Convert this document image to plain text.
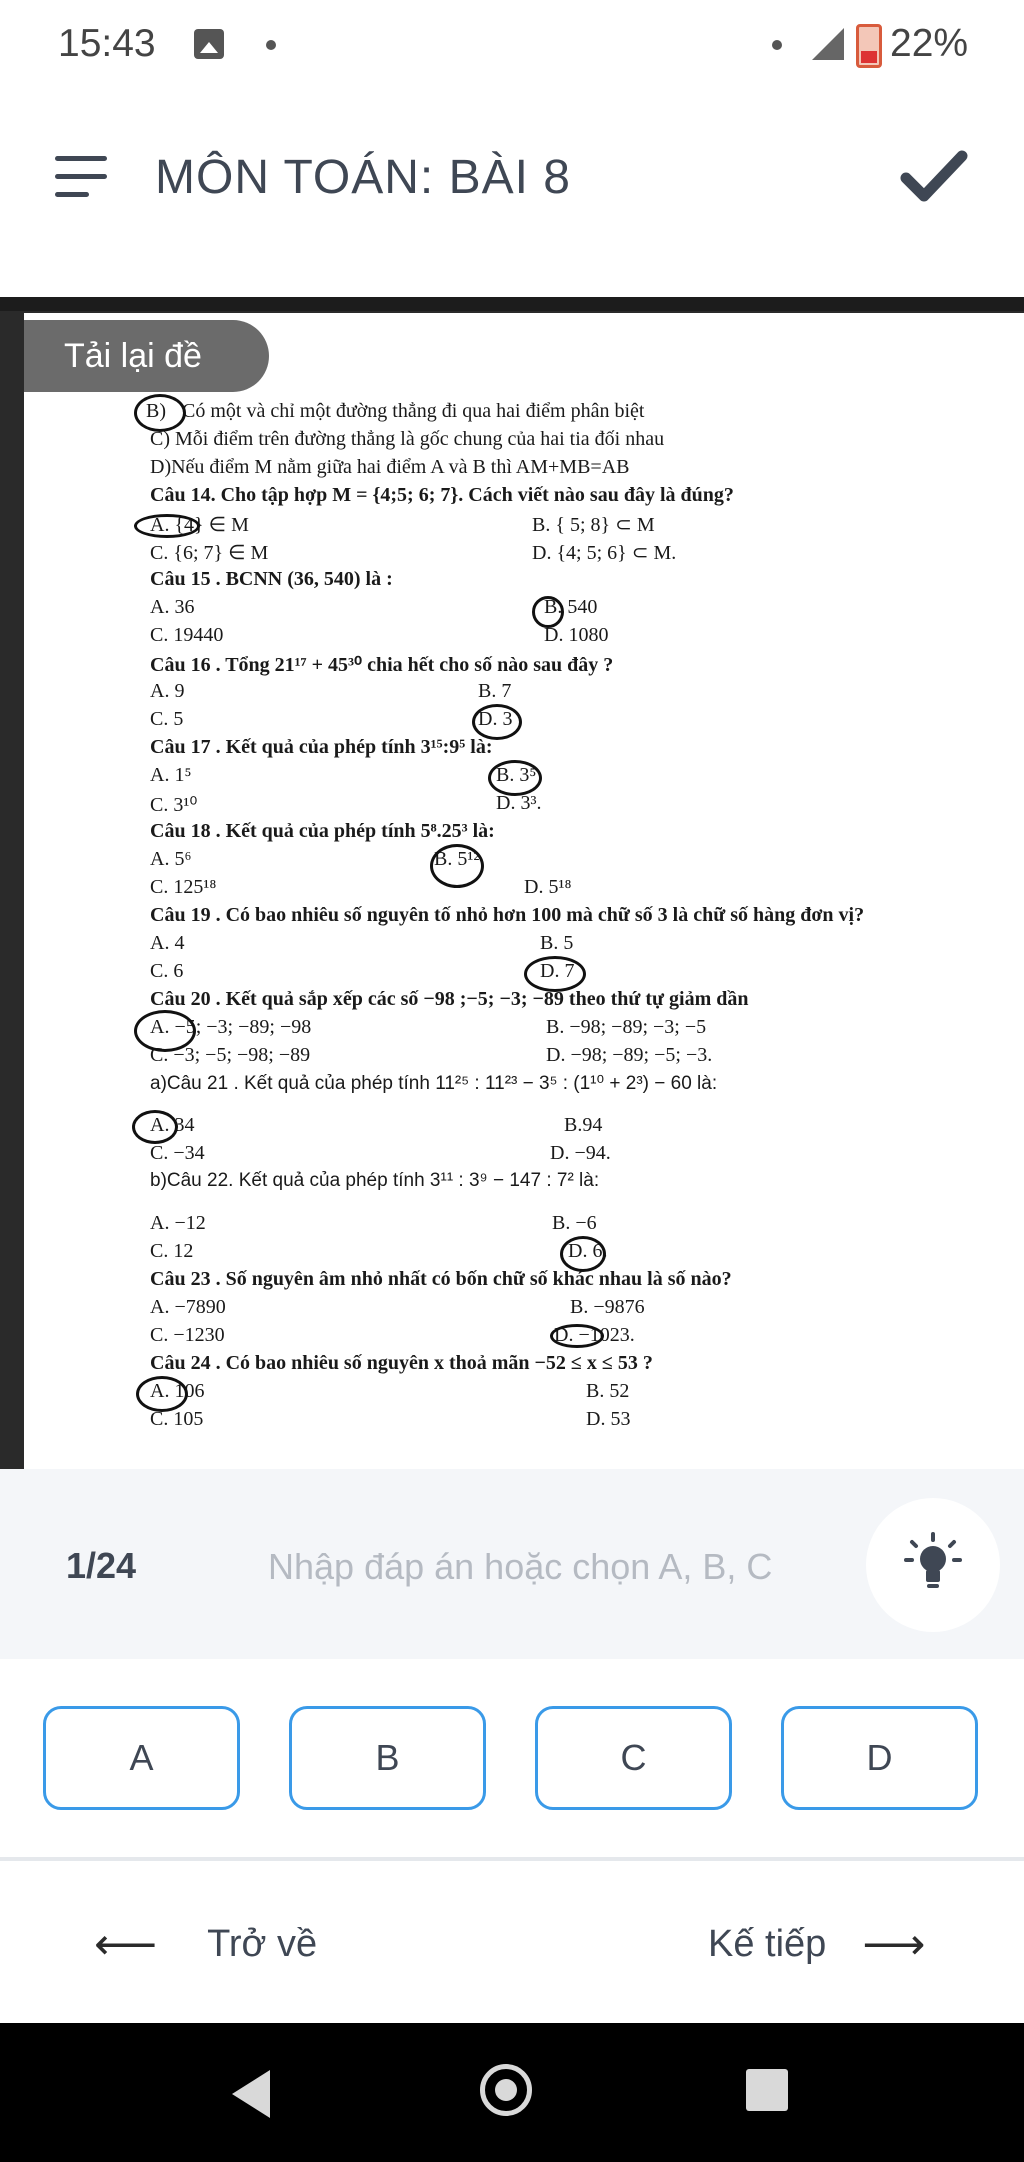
15:43	22%
MÔN TOÁN: BÀI 8
Có một và chỉ một đường thẳng đi qua hai điểm phân biệt
C) Mỗi điểm trên đường thẳng là gốc chung của hai tia đối nhau
D)Nếu điểm M nằm giữa hai điểm A và B thì AM+MB=AB
Câu 14. Cho tập hợp M = {4;5; 6; 7}. Cách viết nào sau đây là đúng?
A. {4} ∈ M	B. { 5; 8} ⊂ M
C. {6; 7} ∈ M	D. {4; 5; 6} ⊂ M.
Câu 15 . BCNN (36, 540) là :
A. 36	B. 540
C. 19440	D. 1080
Câu 16 . Tổng 21¹⁷ + 45³⁰ chia hết cho số nào sau đây ?
A. 9	B. 7
C. 5	D. 3
Câu 17 . Kết quả của phép tính 3¹⁵:9⁵ là:
A. 1⁵	B. 3⁵
C. 3¹⁰	D. 3³.
Câu 18 . Kết quả của phép tính 5⁸.25³ là:
A. 5⁶	B. 5¹²
C. 125¹⁸	D. 5¹⁸
Câu 19 . Có bao nhiêu số nguyên tố nhỏ hơn 100 mà chữ số 3 là chữ số hàng đơn vị?
A. 4	B. 5
C. 6	D. 7
Câu 20 . Kết quả sắp xếp các số −98 ;−5; −3; −89 theo thứ tự giảm dần
A. −5; −3; −89; −98	B. −98; −89; −3; −5
C. −3; −5; −98; −89	D. −98; −89; −5; −3.
a)Câu 21 . Kết quả của phép tính 11²⁵ : 11²³ − 3⁵ : (1¹⁰ + 2³) − 60 là:
A. 34	B.94
C. −34	D. −94.
b)Câu 22. Kết quả của phép tính 3¹¹ : 3⁹ − 147 : 7² là:
A. −12	B. −6
C. 12	D. 6.
Câu 23 . Số nguyên âm nhỏ nhất có bốn chữ số khác nhau là số nào?
A. −7890	B. −9876
C. −1230	D. −1023.
Câu 24 . Có bao nhiêu số nguyên x thoả mãn −52 ≤ x ≤ 53 ?
A. 106	B. 52
C. 105	D. 53
B)
Tải lại đề
1/24
Nhập đáp án hoặc chọn A, B, C
A	B	C	D
⟵ Trở về	Kế tiếp ⟶
